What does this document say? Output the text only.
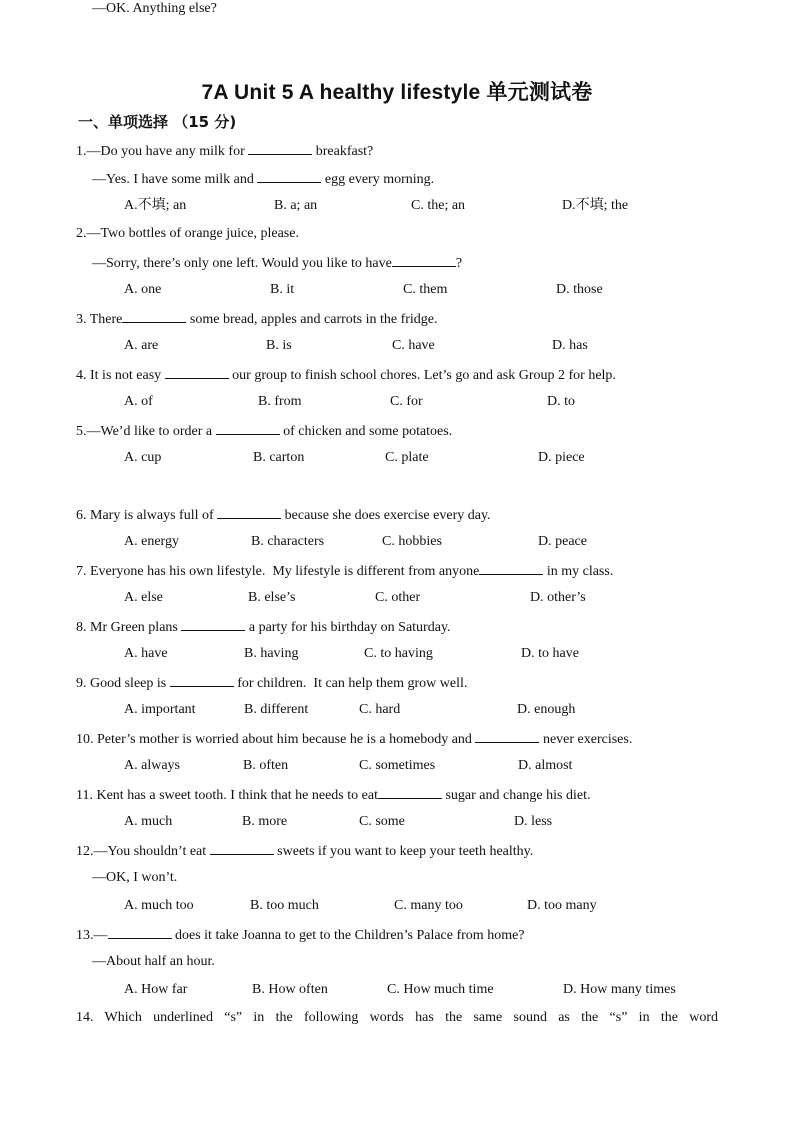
7A Unit 5 A healthy lifestyle 单元测试卷
一、单项选择 （15 分)
1.—Do you have any milk for	breakfast?
—Yes. I have some milk and	egg every morning.
A.不填; an	B. a; an	C. the; an	D.不填; the
2.—Two bottles of orange juice, please.
—Sorry, there’s only one left. Would you like to have	?
A. one	B. it	C. them	D. those
3. There	some bread, apples and carrots in the fridge.
A. are	B. is	C. have	D. has
4. It is not easy	our group to finish school chores. Let’s go and ask Group 2 for help.
A. of	B. from	C. for	D. to
5.—We’d like to order a	of chicken and some potatoes.
—OK. Anything else?
A. cup	B. carton	C. plate	D. piece
6. Mary is always full of	because she does exercise every day.
A. energy	B. characters	C. hobbies	D. peace
7. Everyone has his own lifestyle.  My lifestyle is different from anyone	in my class.
A. else	B. else’s	C. other	D. other’s
8. Mr Green plans	a party for his birthday on Saturday.
A. have	B. having	C. to having	D. to have
9. Good sleep is	for children.  It can help them grow well.
A. important	B. different	C. hard	D. enough
10. Peter’s mother is worried about him because he is a homebody and	never exercises.
A. always	B. often	C. sometimes	D. almost
11. Kent has a sweet tooth. I think that he needs to eat	sugar and change his diet.
A. much	B. more	C. some	D. less
12.—You shouldn’t eat	sweets if you want to keep your teeth healthy.
—OK, I won’t.
A. much too	B. too much	C. many too	D. too many
13.—	does it take Joanna to get to the Children’s Palace from home?
—About half an hour.
A. How far	B. How often	C. How much time	D. How many times
14. Which underlined “s” in the following words has the same sound as the “s” in the word
